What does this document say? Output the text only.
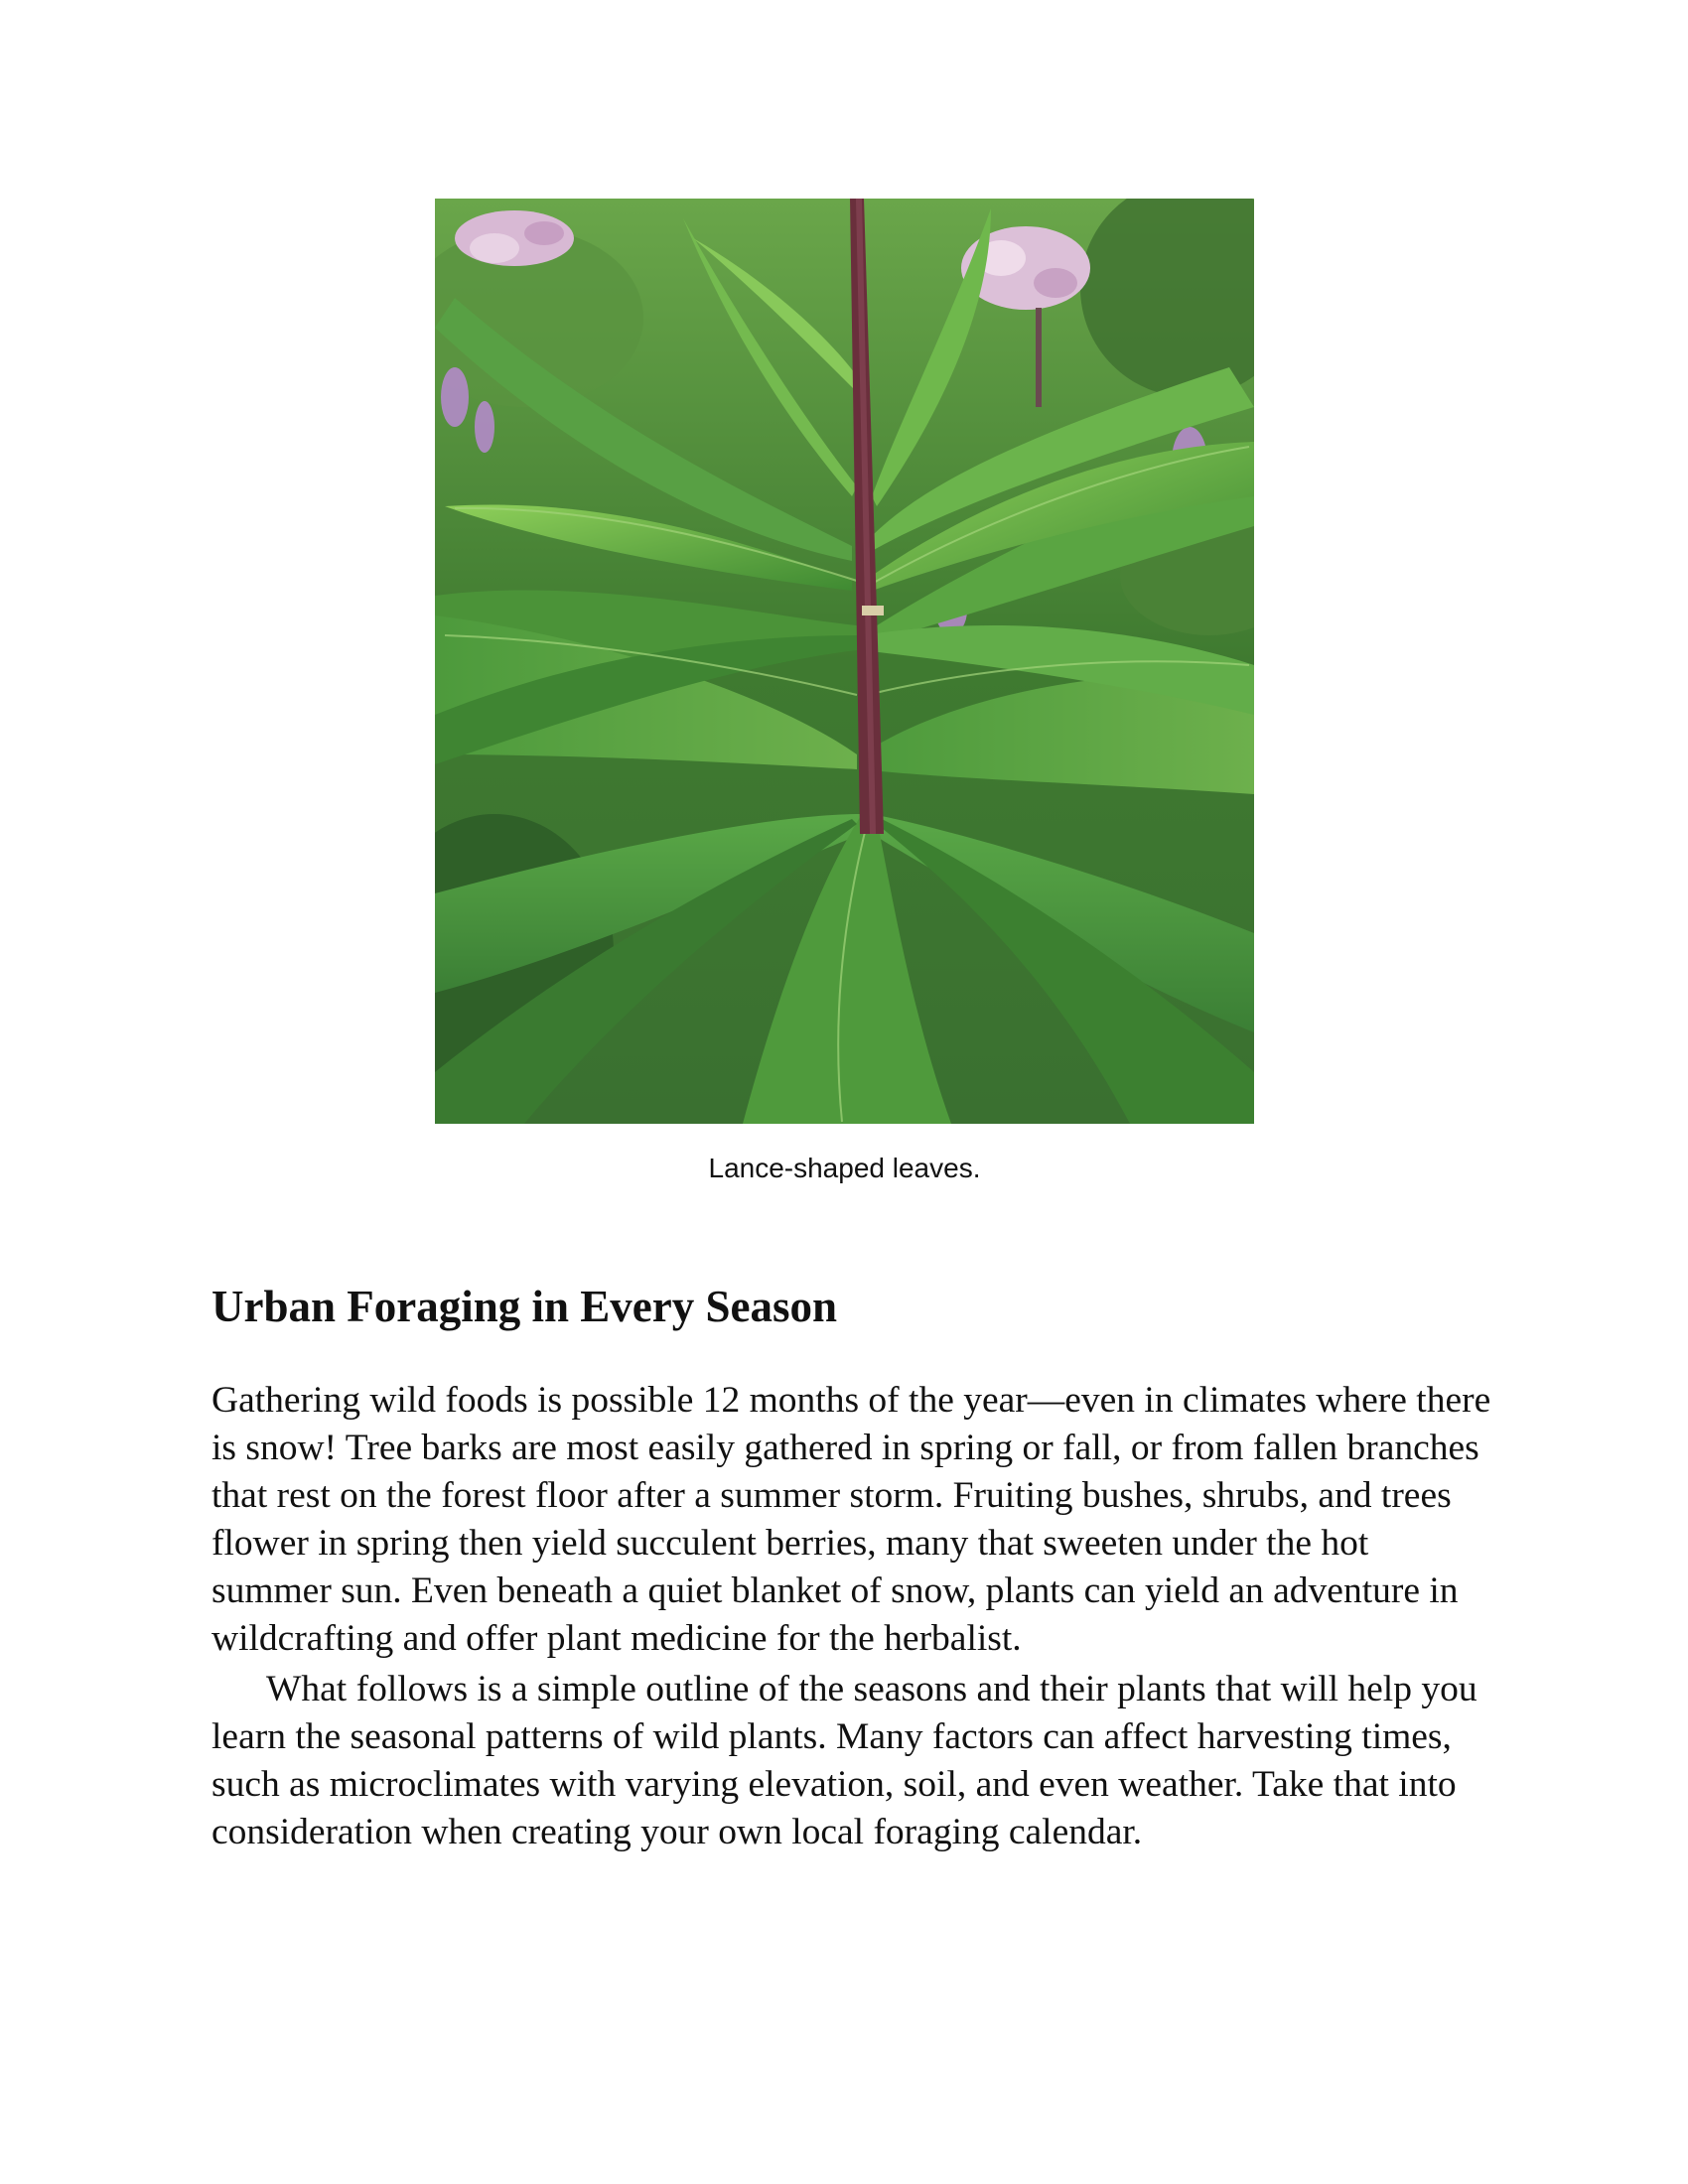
Lance-shaped leaves.
Urban Foraging in Every Season

Gathering wild foods is possible 12 months of the year—even in climates where there is snow! Tree barks are most easily gathered in spring or fall, or from fallen branches that rest on the forest floor after a summer storm. Fruiting bushes, shrubs, and trees flower in spring then yield succulent berries, many that sweeten under the hot summer sun. Even beneath a quiet blanket of snow, plants can yield an adventure in wildcrafting and offer plant medicine for the herbalist.

What follows is a simple outline of the seasons and their plants that will help you learn the seasonal patterns of wild plants. Many factors can affect harvesting times, such as microclimates with varying elevation, soil, and even weather. Take that into consideration when creating your own local foraging calendar.
